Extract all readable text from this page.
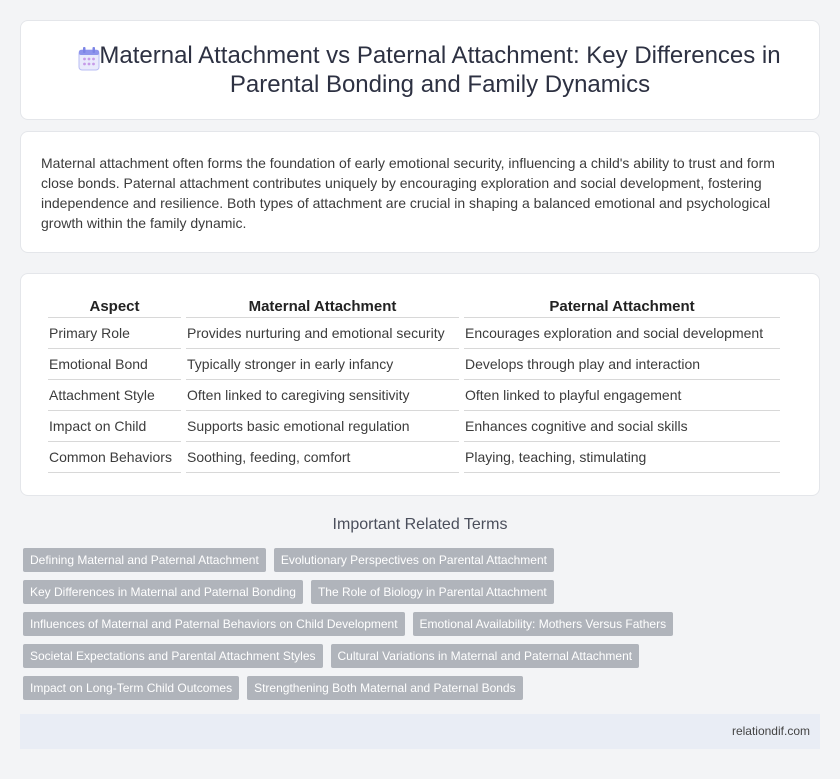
Maternal Attachment vs Paternal Attachment: Key Differences in Parental Bonding and Family Dynamics

Maternal attachment often forms the foundation of early emotional security, influencing a child's ability to trust and form close bonds. Paternal attachment contributes uniquely by encouraging exploration and social development, fostering independence and resilience. Both types of attachment are crucial in shaping a balanced emotional and psychological growth within the family dynamic.

Aspect	Maternal Attachment	Paternal Attachment
Primary Role	Provides nurturing and emotional security	Encourages exploration and social development
Emotional Bond	Typically stronger in early infancy	Develops through play and interaction
Attachment Style	Often linked to caregiving sensitivity	Often linked to playful engagement
Impact on Child	Supports basic emotional regulation	Enhances cognitive and social skills
Common Behaviors	Soothing, feeding, comfort	Playing, teaching, stimulating
Important Related Terms
Defining Maternal and Paternal Attachment	Evolutionary Perspectives on Parental Attachment
Key Differences in Maternal and Paternal Bonding	The Role of Biology in Parental Attachment
Influences of Maternal and Paternal Behaviors on Child Development	Emotional Availability: Mothers Versus Fathers
Societal Expectations and Parental Attachment Styles	Cultural Variations in Maternal and Paternal Attachment
Impact on Long-Term Child Outcomes	Strengthening Both Maternal and Paternal Bonds
relationdif.com
